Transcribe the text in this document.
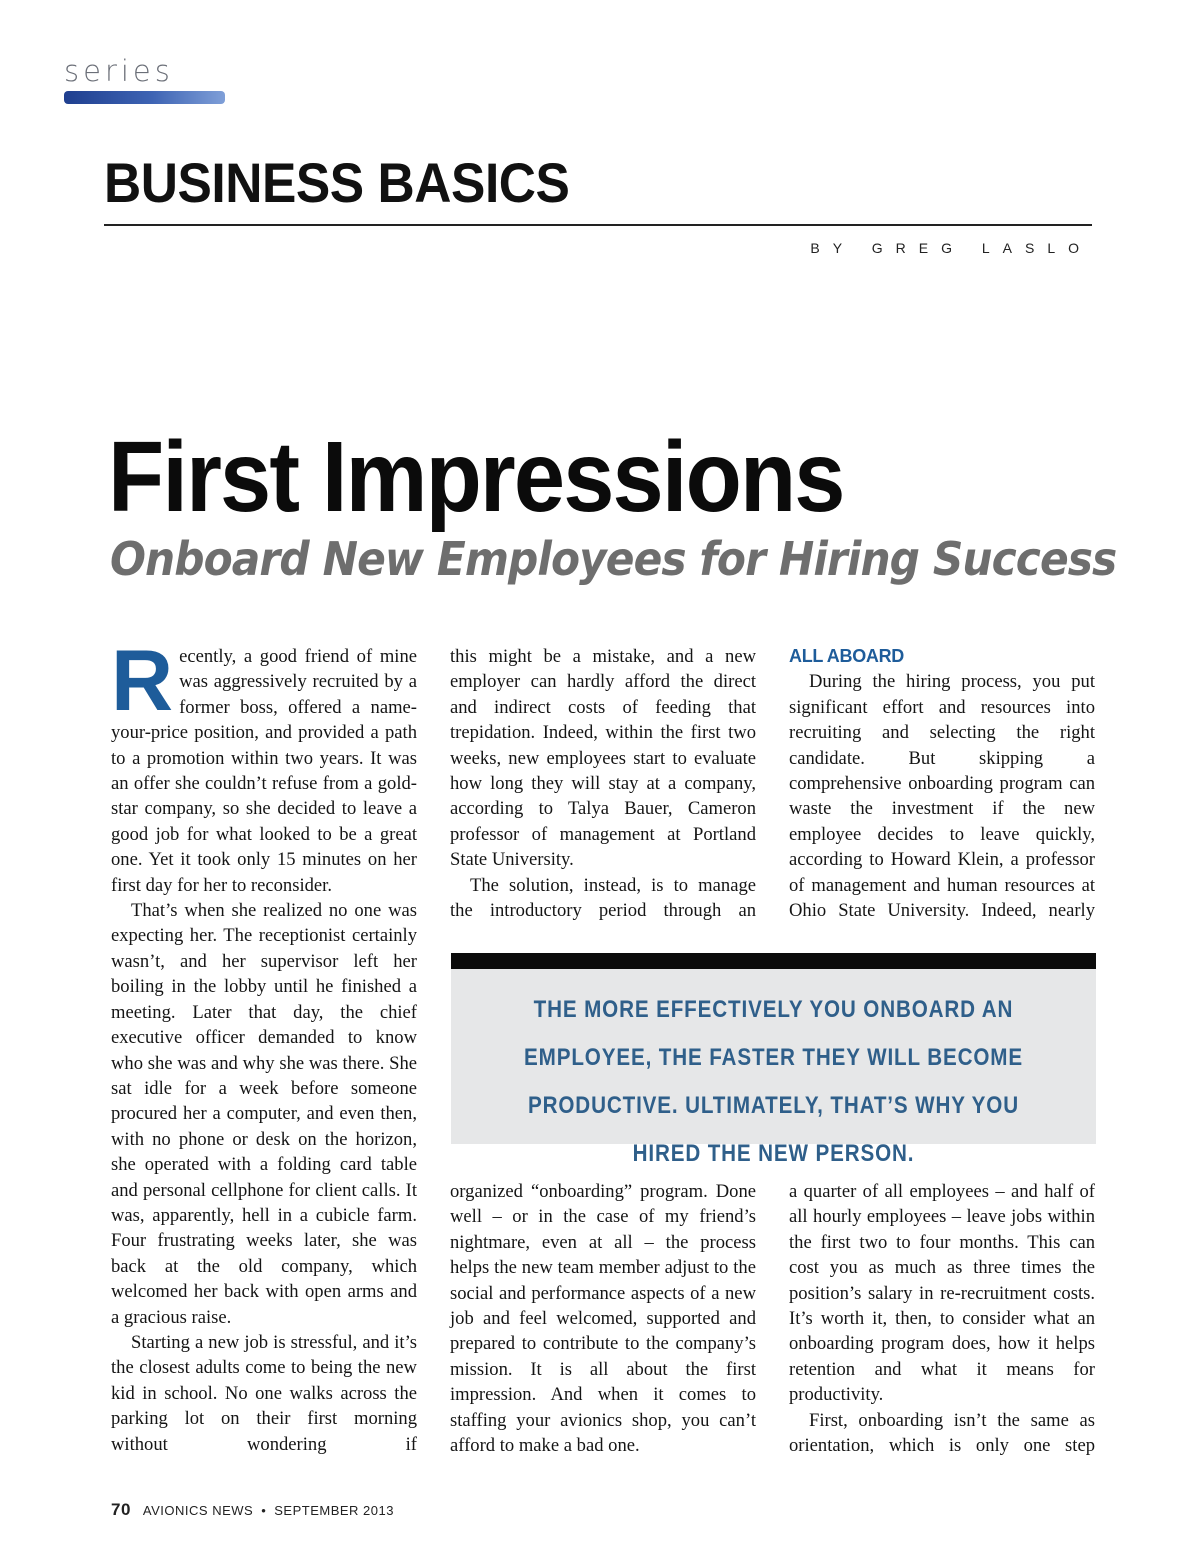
series
BUSINESS BASICS
BY GREG LASLO
First Impressions
Onboard New Employees for Hiring Success

Recently, a good friend of mine was aggressively recruited by a former boss, offered a name-your-price position, and provided a path to a promotion within two years. It was an offer she couldn’t refuse from a gold-star company, so she decided to leave a good job for what looked to be a great one. Yet it took only 15 minutes on her first day for her to reconsider.

That’s when she realized no one was expecting her. The receptionist certainly wasn’t, and her supervisor left her boiling in the lobby until he finished a meeting. Later that day, the chief executive officer demanded to know who she was and why she was there. She sat idle for a week before someone procured her a computer, and even then, with no phone or desk on the horizon, she operated with a folding card table and personal cellphone for client calls. It was, apparently, hell in a cubicle farm. Four frustrating weeks later, she was back at the old company, which welcomed her back with open arms and a gracious raise.

Starting a new job is stressful, and it’s the closest adults come to being the new kid in school. No one walks across the parking lot on their first morning without wondering if

this might be a mistake, and a new employer can hardly afford the direct and indirect costs of feeding that trepidation. Indeed, within the first two weeks, new employees start to evaluate how long they will stay at a company, according to Talya Bauer, Cameron professor of management at Portland State University.

The solution, instead, is to manage the introductory period through an

ALL ABOARD

During the hiring process, you put significant effort and resources into recruiting and selecting the right candidate. But skipping a comprehensive onboarding program can waste the investment if the new employee decides to leave quickly, according to Howard Klein, a professor of management and human resources at Ohio State University. Indeed, nearly

THE MORE EFFECTIVELY YOU ONBOARD AN EMPLOYEE, THE FASTER THEY WILL BECOME PRODUCTIVE. ULTIMATELY, THAT’S WHY YOU HIRED THE NEW PERSON.

organized “onboarding” program. Done well – or in the case of my friend’s nightmare, even at all – the process helps the new team member adjust to the social and performance aspects of a new job and feel welcomed, supported and prepared to contribute to the company’s mission. It is all about the first impression. And when it comes to staffing your avionics shop, you can’t afford to make a bad one.

a quarter of all employees – and half of all hourly employees – leave jobs within the first two to four months. This can cost you as much as three times the position’s salary in re-recruitment costs. It’s worth it, then, to consider what an onboarding program does, how it helps retention and what it means for productivity.

First, onboarding isn’t the same as orientation, which is only one step

70 AVIONICS NEWS • SEPTEMBER 2013
